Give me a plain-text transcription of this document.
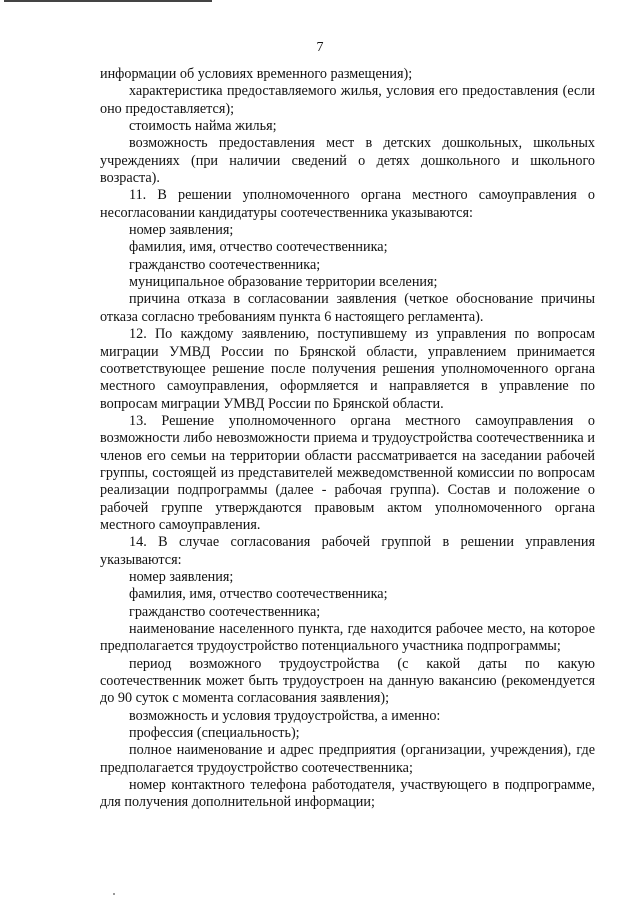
7

информации об условиях временного размещения);

характеристика предоставляемого жилья, условия его предоставления (если оно предоставляется);

стоимость найма жилья;

возможность предоставления мест в детских дошкольных, школьных учреждениях (при наличии сведений о детях дошкольного и школьного возраста).

11. В решении уполномоченного органа местного самоуправления о несогласовании кандидатуры соотечественника указываются:

номер заявления;

фамилия, имя, отчество соотечественника;

гражданство соотечественника;

муниципальное образование территории вселения;

причина отказа в согласовании заявления (четкое обоснование причины отказа согласно требованиям пункта 6 настоящего регламента).

12. По каждому заявлению, поступившему из управления по вопросам миграции УМВД России по Брянской области, управлением принимается соответствующее решение после получения решения уполномоченного органа местного самоуправления, оформляется и направляется в управление по вопросам миграции УМВД России по Брянской области.

13. Решение уполномоченного органа местного самоуправления о возможности либо невозможности приема и трудоустройства соотечественника и членов его семьи на территории области рассматривается на заседании рабочей группы, состоящей из представителей межведомственной комиссии по вопросам реализации подпрограммы (далее - рабочая группа). Состав и положение о рабочей группе утверждаются правовым актом уполномоченного органа местного самоуправления.

14. В случае согласования рабочей группой в решении управления указываются:

номер заявления;

фамилия, имя, отчество соотечественника;

гражданство соотечественника;

наименование населенного пункта, где находится рабочее место, на которое предполагается трудоустройство потенциального участника подпрограммы;

период возможного трудоустройства (с какой даты по какую соотечественник может быть трудоустроен на данную вакансию (рекомендуется до 90 суток с момента согласования заявления);

возможность и условия трудоустройства, а именно:

профессия (специальность);

полное наименование и адрес предприятия (организации, учреждения), где предполагается трудоустройство соотечественника;

номер контактного телефона работодателя, участвующего в подпрограмме, для получения дополнительной информации;
